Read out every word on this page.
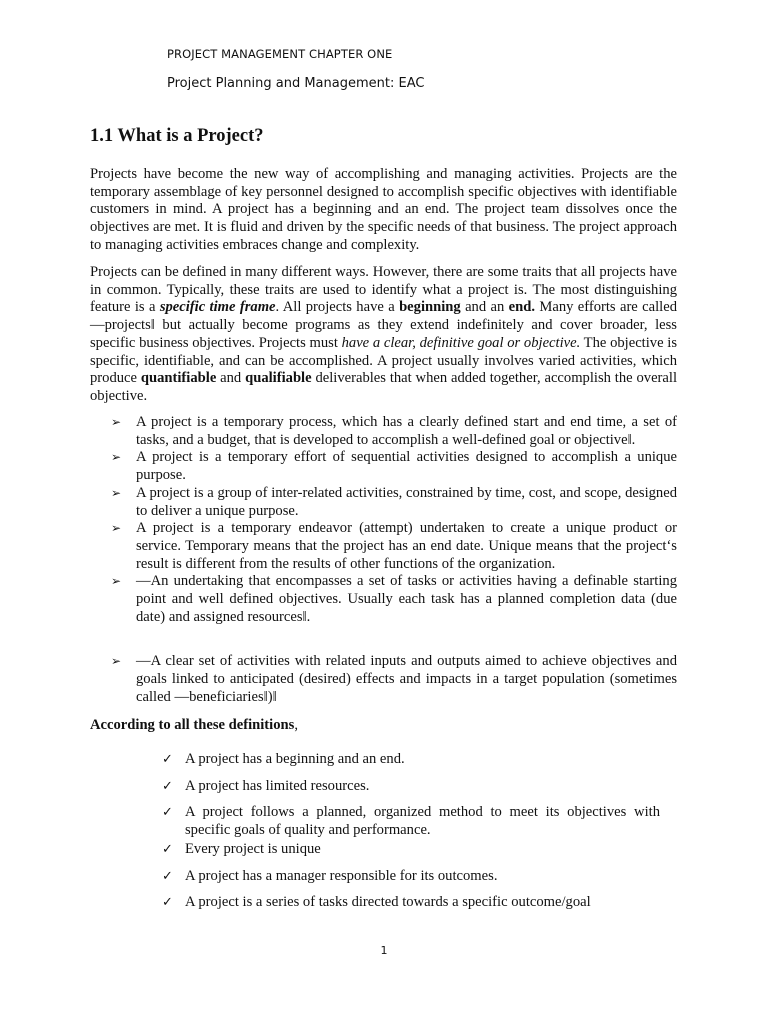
PROJECT MANAGEMENT CHAPTER ONE
Project Planning and Management: EAC
1.1 What is a Project?

Projects have become the new way of accomplishing and managing activities. Projects are the temporary assemblage of key personnel designed to accomplish specific objectives with identifiable customers in mind. A project has a beginning and an end. The project team dissolves once the objectives are met. It is fluid and driven by the specific needs of that business. The project approach to managing activities embraces change and complexity.

Projects can be defined in many different ways. However, there are some traits that all projects have in common. Typically, these traits are used to identify what a project is. The most distinguishing feature is a specific time frame. All projects have a beginning and an end. Many efforts are called —projects‖ but actually become programs as they extend indefinitely and cover broader, less specific business objectives. Projects must have a clear, definitive goal or objective. The objective is specific, identifiable, and can be accomplished. A project usually involves varied activities, which produce quantifiable and qualifiable deliverables that when added together, accomplish the overall objective.

➢ A project is a temporary process, which has a clearly defined start and end time, a set of tasks, and a budget, that is developed to accomplish a well-defined goal or objective‖.
➢ A project is a temporary effort of sequential activities designed to accomplish a unique purpose.
➢ A project is a group of inter-related activities, constrained by time, cost, and scope, designed to deliver a unique purpose.
➢ A project is a temporary endeavor (attempt) undertaken to create a unique product or service. Temporary means that the project has an end date. Unique means that the project‘s result is different from the results of other functions of the organization.
➢ —An undertaking that encompasses a set of tasks or activities having a definable starting point and well defined objectives. Usually each task has a planned completion data (due date) and assigned resources‖.
➢ —A clear set of activities with related inputs and outputs aimed to achieve objectives and goals linked to anticipated (desired) effects and impacts in a target population (sometimes called —beneficiaries‖)‖

According to all these definitions,

✓ A project has a beginning and an end.
✓ A project has limited resources.
✓ A project follows a planned, organized method to meet its objectives with specific goals of quality and performance.
✓ Every project is unique
✓ A project has a manager responsible for its outcomes.
✓ A project is a series of tasks directed towards a specific outcome/goal
1
